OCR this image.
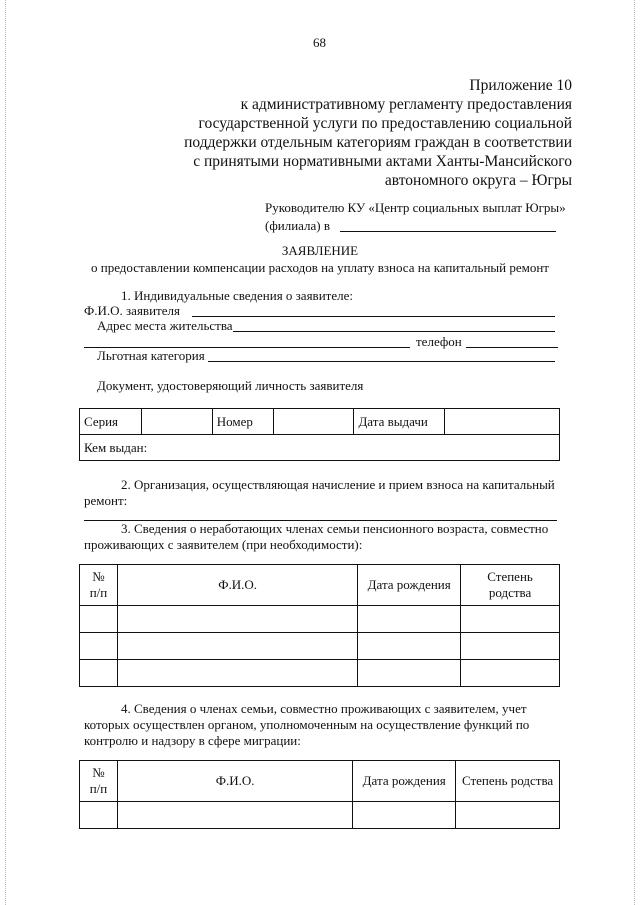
68
Приложение 10
к административному регламенту предоставления
государственной услуги по предоставлению социальной
поддержки отдельным категориям граждан в соответствии
с принятыми нормативными актами Ханты-Мансийского
автономного округа – Югры
Руководителю КУ «Центр социальных выплат Югры»
(филиала) в
ЗАЯВЛЕНИЕ
о предоставлении компенсации расходов на уплату взноса на капитальный ремонт
1. Индивидуальные сведения о заявителе:
Ф.И.О. заявителя
Адрес места жительства
телефон
Льготная категория
Документ, удостоверяющий личность заявителя
Серия		Номер		Дата выдачи	
Кем выдан:
2. Организация, осуществляющая начисление и прием взноса на капитальный
ремонт:
3. Сведения о неработающих членах семьи пенсионного возраста, совместно
проживающих с заявителем (при необходимости):
№
п/п	Ф.И.О.	Дата рождения	Степень родства

4. Сведения о членах семьи, совместно проживающих с заявителем, учет
которых осуществлен органом, уполномоченным на осуществление функций по
контролю и надзору в сфере миграции:
№
п/п	Ф.И.О.	Дата рождения	Степень родства
